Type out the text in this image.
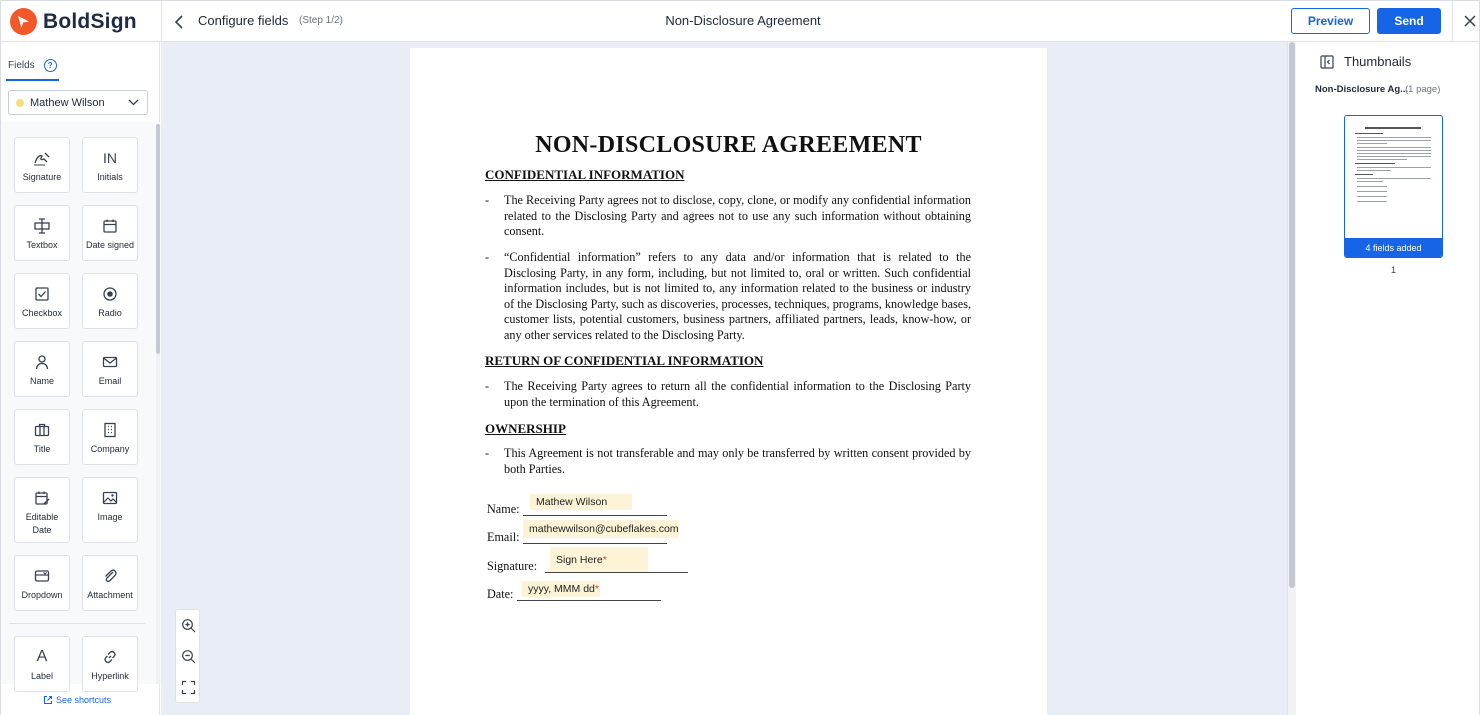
BoldSign	Configure fields (Step 1/2)	Non-Disclosure Agreement	Preview	Send
Fields	?
Mathew Wilson
Signature
IN
Initials
Textbox	Date signed
Checkbox	Radio
Name	Email
Title	Company
Editable Date
Image
Dropdown	Attachment
A
Label	Hyperlink
See shortcuts
NON-DISCLOSURE AGREEMENT
CONFIDENTIAL INFORMATION
- The Receiving Party agrees not to disclose, copy, clone, or modify any confidential information related to the Disclosing Party and agrees not to use any such information without obtaining consent.
- “Confidential information” refers to any data and/or information that is related to the Disclosing Party, in any form, including, but not limited to, oral or written. Such confidential information includes, but is not limited to, any information related to the business or industry of the Disclosing Party, such as discoveries, processes, techniques, programs, knowledge bases, customer lists, potential customers, business partners, affiliated partners, leads, know-how, or any other services related to the Disclosing Party.
RETURN OF CONFIDENTIAL INFORMATION
- The Receiving Party agrees to return all the confidential information to the Disclosing Party upon the termination of this Agreement.
OWNERSHIP
- This Agreement is not transferable and may only be transferred by written consent provided by both Parties.
Name: Mathew Wilson
Email:
mathewwilson@cubeflakes.com
Signature: Sign Here *
Date: yyyy, MMM dd *
Thumbnails
Non-Disclosure Ag...
(1 page)
4 fields added
1
